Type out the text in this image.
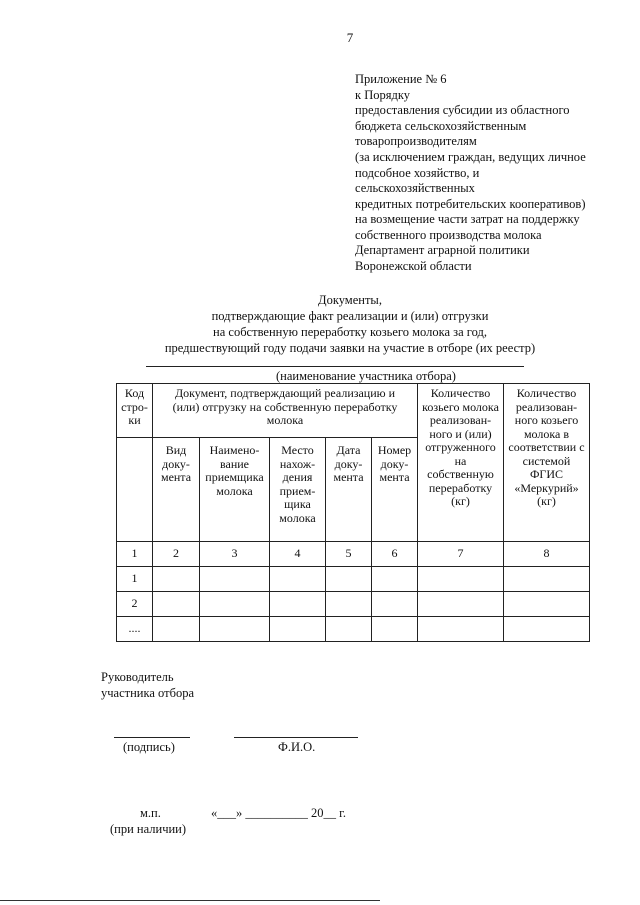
7
Приложение № 6
к Порядку
предоставления субсидии из областного
бюджета сельскохозяйственным
товаропроизводителям
(за исключением граждан, ведущих личное
подсобное хозяйство, и
сельскохозяйственных
кредитных потребительских кооперативов)
на возмещение части затрат на поддержку
собственного производства молока
Департамент аграрной политики
Воронежской области
Документы,
подтверждающие факт реализации и (или) отгрузки
на собственную переработку козьего молока за год,
предшествующий году подачи заявки на участие в отборе (их реестр)
(наименование участника отбора)
Код стро- ки	Документ, подтверждающий реализацию и (или) отгрузку на собственную переработку молока					Количество козьего молока реализован- ного и (или) отгруженного на собственную переработку (кг)	Количество реализован- ного козьего молока в соответствии с системой ФГИС «Меркурий» (кг)
	Вид доку- мента	Наимено- вание приемщика молока	Место нахож- дения прием- щика молока	Дата доку- мента	Номер доку- мента		
1	2	3	4	5	6	7	8
1							
2							
....							
Руководитель
участника отбора
(подпись)	Ф.И.О.
м.п.	«___» __________ 20__ г.
(при наличии)
